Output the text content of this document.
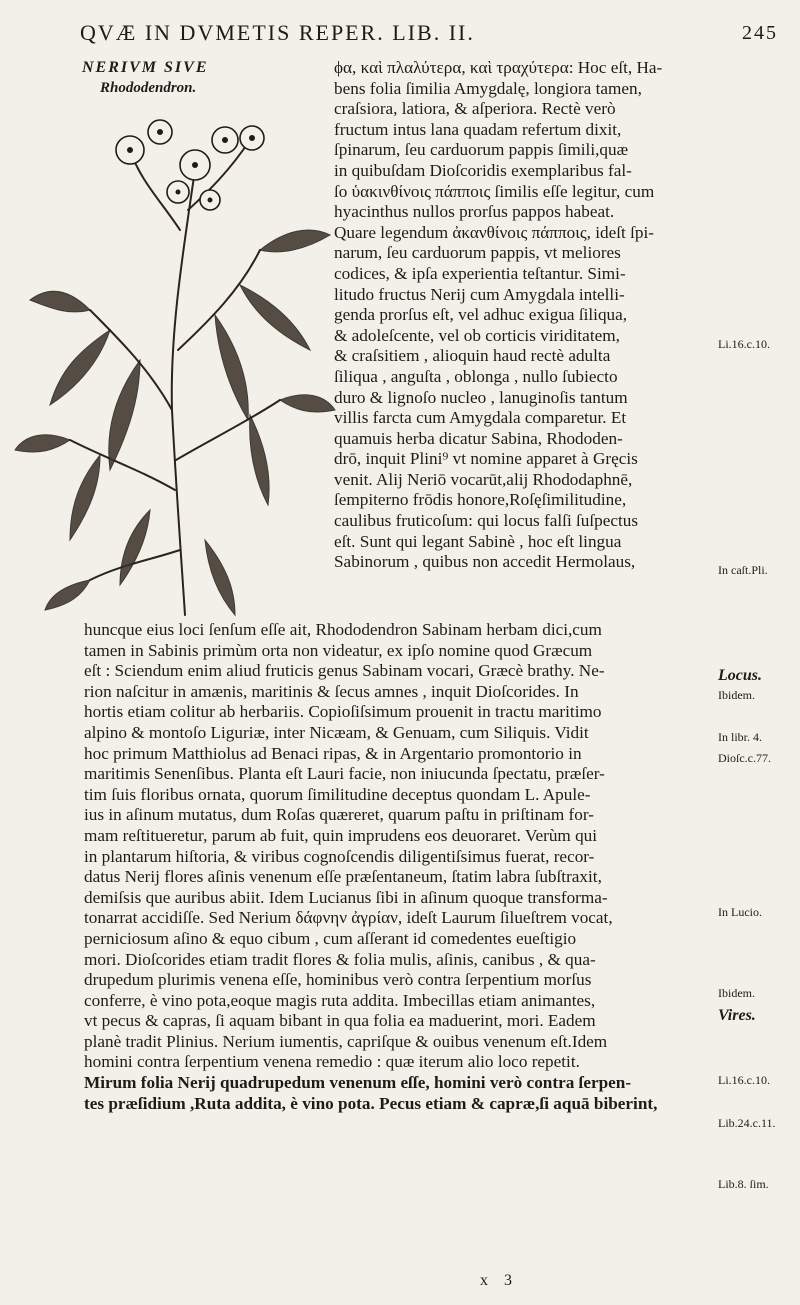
QVÆ IN DVMETIS REPER. LIB. II.	245
NERIVM SIVE
Rhododendron.
ϕα, καὶ πλαλύτερα, καὶ τραχύτερα: Hoc eſt, Ha-
bens folia ſimilia Amygdalę, longiora tamen,
craſsiora, latiora, & aſperiora. Rectè verò
fructum intus lana quadam refertum dixit,
ſpinarum, ſeu carduorum pappis ſimili,quæ
in quibuſdam Dioſcoridis exemplaribus fal-
ſo ὑακινθίνοις πάπποις ſimilis eſſe legitur, cum
hyacinthus nullos prorſus pappos habeat.
Quare legendum ἀκανθίνοις πάπποις, ideſt ſpi-
narum, ſeu carduorum pappis, vt meliores
codices, & ipſa experientia teſtantur. Simi-
litudo fructus Nerij cum Amygdala intelli-
genda prorſus eſt, vel adhuc exigua ſiliqua,
& adoleſcente, vel ob corticis viriditatem,
& craſsitiem , alioquin haud rectè adulta
ſiliqua , anguſta , oblonga , nullo ſubiecto
duro & lignoſo nucleo , lanuginoſis tantum
villis farcta cum Amygdala comparetur. Et
quamuis herba dicatur Sabina, Rhododen-
drō, inquit Plini⁹ vt nomine apparet à Gręcis
venit. Alij Neriō vocarūt,alij Rhododaphnē,
ſempiterno frōdis honore,Roſęſimilitudine,
caulibus fruticoſum: qui locus falſi ſuſpectus
eſt. Sunt qui legant Sabinè , hoc eſt lingua
Sabinorum , quibus non accedit Hermolaus,
huncque eius loci ſenſum eſſe ait, Rhododendron Sabinam herbam dici,cum
tamen in Sabinis primùm orta non videatur, ex ipſo nomine quod Græcum
eſt : Sciendum enim aliud fruticis genus Sabinam vocari, Græcè brathy. Ne-
rion naſcitur in amænis, maritinis & ſecus amnes , inquit Dioſcorides. In
hortis etiam colitur ab herbariis. Copioſiſsimum prouenit in tractu maritimo
alpino & montoſo Liguriæ, inter Nicæam, & Genuam, cum Siliquis. Vidit
hoc primum Matthiolus ad Benaci ripas, & in Argentario promontorio in
maritimis Senenſibus. Planta eſt Lauri facie, non iniucunda ſpectatu, præſer-
tim ſuis floribus ornata, quorum ſimilitudine deceptus quondam L. Apule-
ius in aſinum mutatus, dum Roſas quæreret, quarum paſtu in priſtinam for-
mam reſtitueretur, parum ab fuit, quin imprudens eos deuoraret. Verùm qui
in plantarum hiſtoria, & viribus cognoſcendis diligentiſsimus fuerat, recor-
datus Nerij flores aſinis venenum eſſe præſentaneum, ſtatim labra ſubſtraxit,
demiſsis que auribus abiit. Idem Lucianus ſibi in aſinum quoque transforma-
tonarrat accidiſſe. Sed Nerium δάφνην ἀγρίαν, ideſt Laurum ſilueſtrem vocat,
perniciosum aſino & equo cibum , cum aſſerant id comedentes eueſtigio
mori. Dioſcorides etiam tradit flores & folia mulis, aſinis, canibus , & qua-
drupedum plurimis venena eſſe, hominibus verò contra ſerpentium morſus
conferre, è vino pota,eoque magis ruta addita. Imbecillas etiam animantes,
vt pecus & capras, ſi aquam bibant in qua folia ea maduerint, mori. Eadem
planè tradit Plinius. Nerium iumentis, capriſque & ouibus venenum eſt.Idem
homini contra ſerpentium venena remedio : quæ iterum alio loco repetit.
Mirum folia Nerij quadrupedum venenum eſſe, homini verò contra ſerpen-
tes præſidium ,Ruta addita, è vino pota. Pecus etiam & capræ,ſi aquā biberint,
Li.16.c.10.
In caſt.Pli.
Locus.
Ibidem.
In libr. 4.
Dioſc.c.77.
In Lucio.
Ibidem.
Vires.
Li.16.c.10.
Lib.24.c.11.
Lib.8. ſim.
x 3
